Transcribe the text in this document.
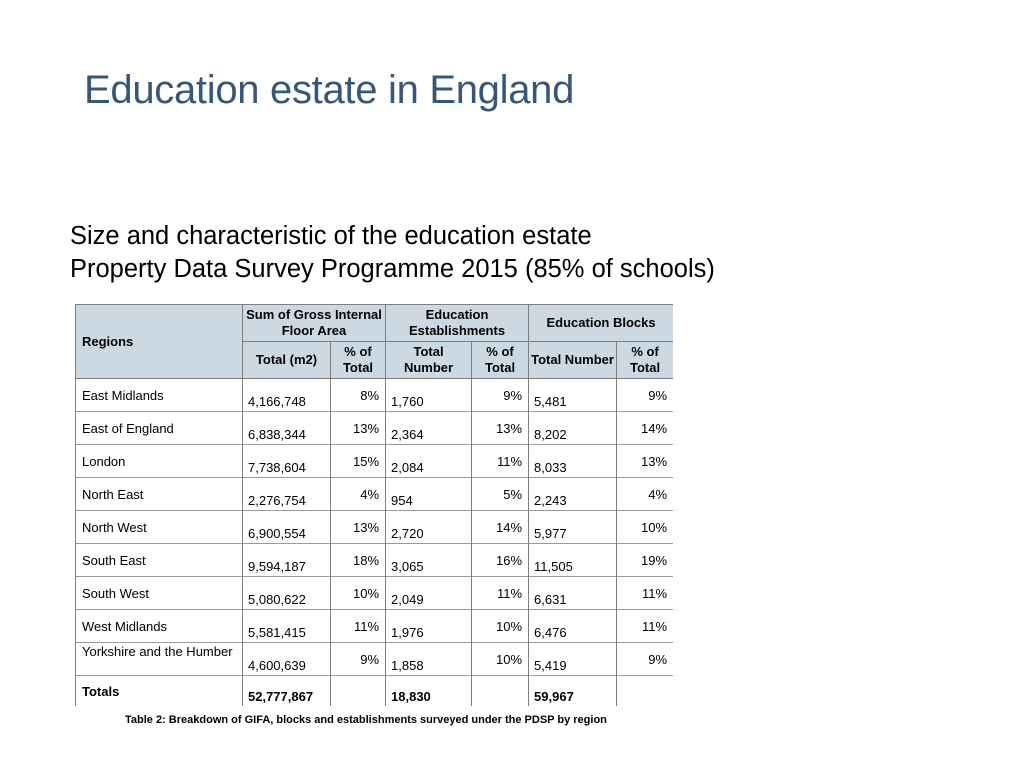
Education estate in England
Size and characteristic of the education estate
Property Data Survey Programme 2015 (85% of schools)
Regions	Sum of Gross Internal Floor Area		Education Establishments		Education Blocks	
	Total (m2)	% of Total	Total Number	% of Total	Total Number	% of Total

East Midlands	4,166,748	8%	1,760	9%	5,481	9%

East of England	6,838,344	13%	2,364	13%	8,202	14%

London	7,738,604	15%	2,084	11%	8,033	13%

North East	2,276,754	4%	954	5%	2,243	4%

North West	6,900,554	13%	2,720	14%	5,977	10%

South East	9,594,187	18%	3,065	16%	11,505	19%

South West	5,080,622	10%	2,049	11%	6,631	11%

West Midlands	5,581,415	11%	1,976	10%	6,476	11%

Yorkshire and the Humber	4,600,639	9%	1,858	10%	5,419	9%

Totals	52,777,867		18,830		59,967	

Table 2: Breakdown of GIFA, blocks and establishments surveyed under the PDSP by region
